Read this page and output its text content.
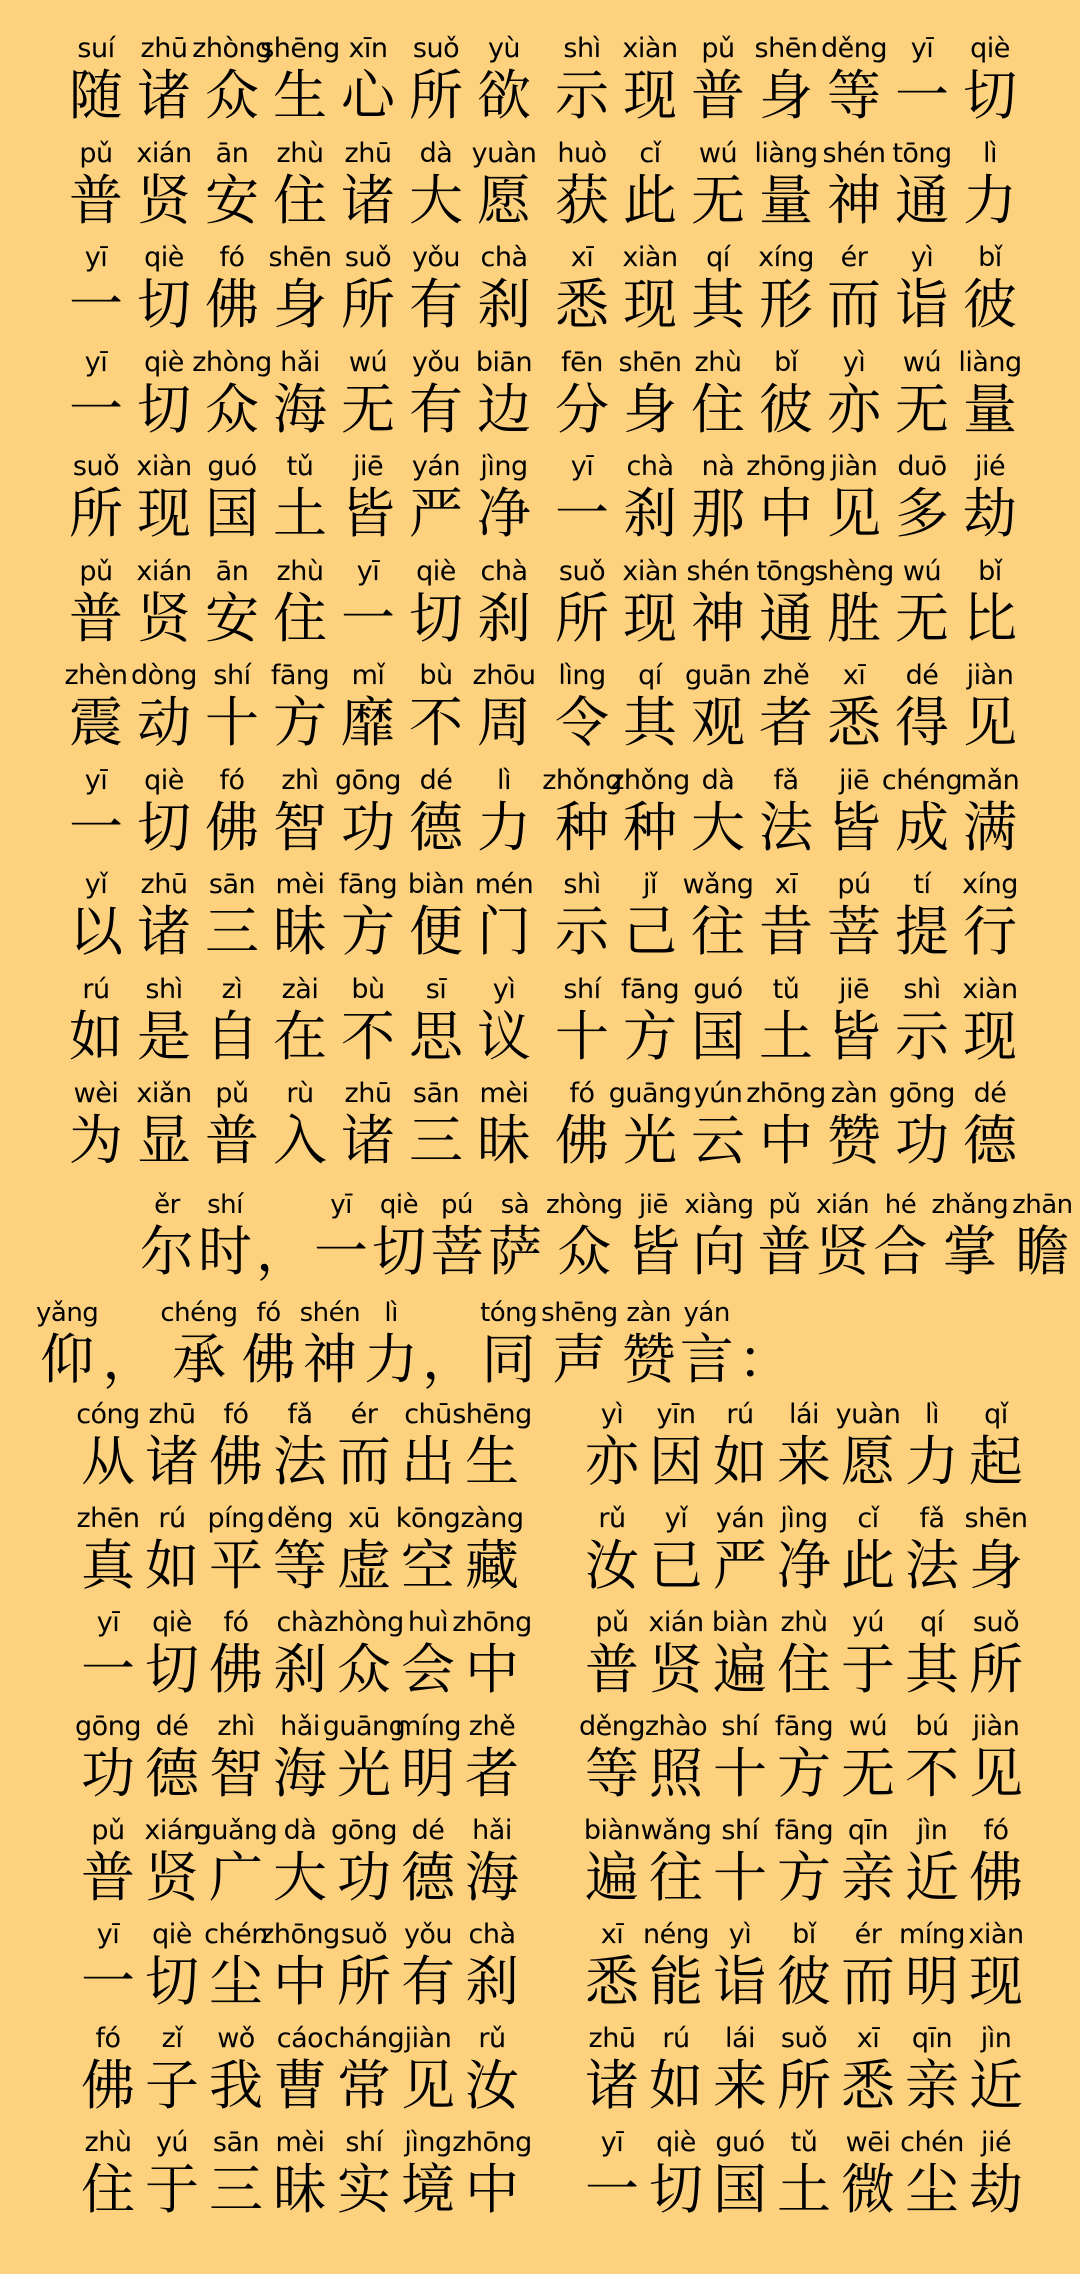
suí
随
zhū
诸
zhòng
众
shēng
生
xīn
心
suǒ
所
yù
欲
shì
示
xiàn
现
pǔ
普
shēn
身
děng
等
yī
一
qiè
切
pǔ
普
xián
贤
ān
安
zhù
住
zhū
诸
dà
大
yuàn
愿
huò
获
cǐ
此
wú
无
liàng
量
shén
神
tōng
通
lì
力
yī
一
qiè
切
fó
佛
shēn
身
suǒ
所
yǒu
有
chà
刹
xī
悉
xiàn
现
qí
其
xíng
形
ér
而
yì
诣
bǐ
彼
yī
一
qiè
切
zhòng
众
hǎi
海
wú
无
yǒu
有
biān
边
fēn
分
shēn
身
zhù
住
bǐ
彼
yì
亦
wú
无
liàng
量
suǒ
所
xiàn
现
guó
国
tǔ
土
jiē
皆
yán
严
jìng
净
yī
一
chà
刹
nà
那
zhōng
中
jiàn
见
duō
多
jié
劫
pǔ
普
xián
贤
ān
安
zhù
住
yī
一
qiè
切
chà
刹
suǒ
所
xiàn
现
shén
神
tōng
通
shèng
胜
wú
无
bǐ
比
zhèn
震
dòng
动
shí
十
fāng
方
mǐ
靡
bù
不
zhōu
周
lìng
令
qí
其
guān
观
zhě
者
xī
悉
dé
得
jiàn
见
yī
一
qiè
切
fó
佛
zhì
智
gōng
功
dé
德
lì
力
zhǒng
种
zhǒng
种
dà
大
fǎ
法
jiē
皆
chéng
成
mǎn
满
yǐ
以
zhū
诸
sān
三
mèi
昧
fāng
方
biàn
便
mén
门
shì
示
jǐ
己
wǎng
往
xī
昔
pú
菩
tí
提
xíng
行
rú
如
shì
是
zì
自
zài
在
bù
不
sī
思
yì
议
shí
十
fāng
方
guó
国
tǔ
土
jiē
皆
shì
示
xiàn
现
wèi
为
xiǎn
显
pǔ
普
rù
入
zhū
诸
sān
三
mèi
昧
fó
佛
guāng
光
yún
云
zhōng
中
zàn
赞
gōng
功
dé
德
ěr
尔
shí
时 ，
yī
一
qiè
切
pú
菩
sà
萨
zhòng
众
jiē
皆
xiàng
向
pǔ
普
xián
贤
hé
合
zhǎng
掌
zhān
瞻
yǎng
仰 ，
chéng
承
fó
佛
shén
神
lì
力 ，
tóng
同
shēng
声
zàn
赞
yán
言 ：
cóng
从
zhū
诸
fó
佛
fǎ
法
ér
而
chū
出
shēng
生
yì
亦
yīn
因
rú
如
lái
来
yuàn
愿
lì
力
qǐ
起
zhēn
真
rú
如
píng
平
děng
等
xū
虚
kōng
空
zàng
藏
rǔ
汝
yǐ
已
yán
严
jìng
净
cǐ
此
fǎ
法
shēn
身
yī
一
qiè
切
fó
佛
chà
刹
zhòng
众
huì
会
zhōng
中
pǔ
普
xián
贤
biàn
遍
zhù
住
yú
于
qí
其
suǒ
所
gōng
功
dé
德
zhì
智
hǎi
海
guāng
光
míng
明
zhě
者
děng
等
zhào
照
shí
十
fāng
方
wú
无
bú
不
jiàn
见
pǔ
普
xián
贤
guǎng
广
dà
大
gōng
功
dé
德
hǎi
海
biàn
遍
wǎng
往
shí
十
fāng
方
qīn
亲
jìn
近
fó
佛
yī
一
qiè
切
chén
尘
zhōng
中
suǒ
所
yǒu
有
chà
刹
xī
悉
néng
能
yì
诣
bǐ
彼
ér
而
míng
明
xiàn
现
fó
佛
zǐ
子
wǒ
我
cáo
曹
cháng
常
jiàn
见
rǔ
汝
zhū
诸
rú
如
lái
来
suǒ
所
xī
悉
qīn
亲
jìn
近
zhù
住
yú
于
sān
三
mèi
昧
shí
实
jìng
境
zhōng
中
yī
一
qiè
切
guó
国
tǔ
土
wēi
微
chén
尘
jié
劫
